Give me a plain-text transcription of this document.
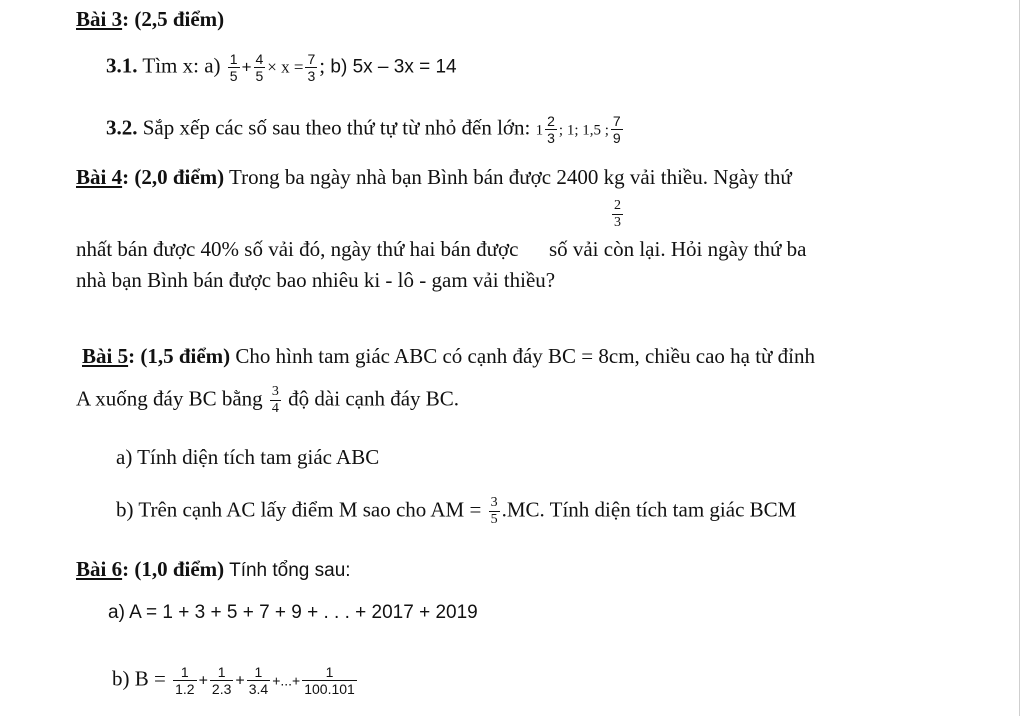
Bài 3: (2,5 điểm)
3.1. Tìm x: $a) \frac{1}{5} + \frac{4}{5} \times x = \frac{7}{3}$ ; b) 5x – 3x = 14
3.2. Sắp xếp các số sau theo thứ tự từ nhỏ đến lớn: $1 \frac{2}{3}$ ; 1; 1,5 ; $\frac{7}{9}$
Bài 4: (2,0 điểm) Trong ba ngày nhà bạn Bình bán được 2400 kg vải thiều. Ngày thứ
$\frac{2}{3}$
nhất bán được 40% số vải đó, ngày thứ hai bán được  số vải còn lại. Hỏi ngày thứ ba
nhà bạn Bình bán được bao nhiêu ki - lô - gam vải thiều?
Bài 5: (1,5 điểm) Cho hình tam giác ABC có cạnh đáy BC = 8cm, chiều cao hạ từ đỉnh
A xuống đáy BC bằng $\frac{3}{4}$ độ dài cạnh đáy BC.
a) Tính diện tích tam giác ABC
b) Trên cạnh AC lấy điểm M sao cho AM = $\frac{3}{5} .MC$. Tính diện tích tam giác BCM
Bài 6: (1,0 điểm) Tính tổng sau:
a) A = 1 + 3 + 5 + 7 + 9 + . . . + 2017 + 2019
b) $B = \frac{1}{1.2} + \frac{1}{2.3} + \frac{1}{3.4}$ +...+ $\frac{1}{100.101}$
